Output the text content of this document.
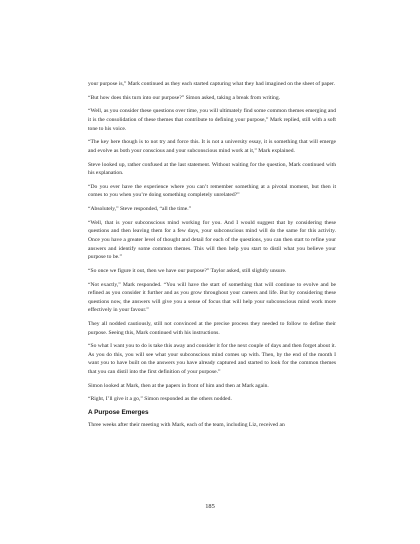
your purpose is,” Mark continued as they each started capturing what they had imagined on the sheet of paper.

“But how does this turn into our purpose?” Simon asked, taking a break from writing.

“Well, as you consider these questions over time, you will ultimately find some common themes emerging and it is the consolidation of these themes that contribute to defining your purpose,” Mark replied, still with a soft tone to his voice.

“The key here though is to not try and force this. It is not a university essay, it is something that will emerge and evolve as both your conscious and your subconscious mind work at it,” Mark explained.

Steve looked up, rather confused at the last statement. Without waiting for the question, Mark continued with his explanation.

“Do you ever have the experience where you can’t remember something at a pivotal moment, but then it comes to you when you’re doing something completely unrelated?”

“Absolutely,” Steve responded, “all the time.”

“Well, that is your subconscious mind working for you. And I would suggest that by considering these questions and then leaving them for a few days, your subconscious mind will do the same for this activity. Once you have a greater level of thought and detail for each of the questions, you can then start to refine your answers and identify some common themes. This will then help you start to distil what you believe your purpose to be.”

“So once we figure it out, then we have our purpose?” Taylor asked, still slightly unsure.

“Not exactly,” Mark responded. “You will have the start of something that will continue to evolve and be refined as you consider it further and as you grow throughout your careers and life. But by considering these questions now, the answers will give you a sense of focus that will help your subconscious mind work more effectively in your favour.”

They all nodded cautiously, still not convinced at the precise process they needed to follow to define their purpose. Seeing this, Mark continued with his instructions.

“So what I want you to do is take this away and consider it for the next couple of days and then forget about it. As you do this, you will see what your subconscious mind comes up with. Then, by the end of the month I want you to have built on the answers you have already captured and started to look for the common themes that you can distil into the first definition of your purpose.”

Simon looked at Mark, then at the papers in front of him and then at Mark again.

“Right, I’ll give it a go,” Simon responded as the others nodded.

A Purpose Emerges

Three weeks after their meeting with Mark, each of the team, including Liz, received an

185
